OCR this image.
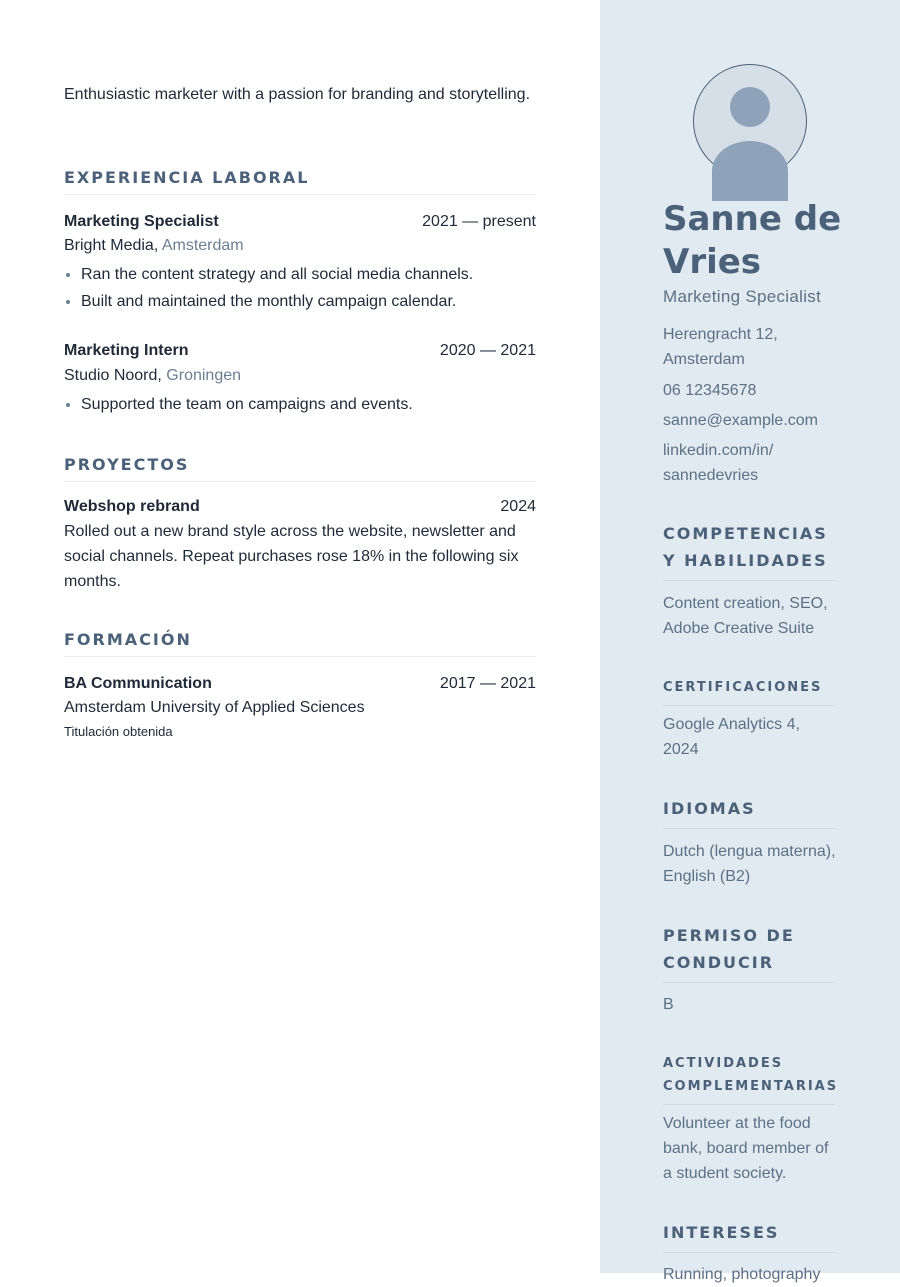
Enthusiastic marketer with a passion for branding and storytelling.
EXPERIENCIA LABORAL
Marketing Specialist	2021 — present
Bright Media, Amsterdam
Ran the content strategy and all social media channels.
Built and maintained the monthly campaign calendar.
Marketing Intern	2020 — 2021
Studio Noord, Groningen
Supported the team on campaigns and events.
PROYECTOS
Webshop rebrand	2024
Rolled out a new brand style across the website, newsletter and social channels. Repeat purchases rose 18% in the following six months.
FORMACIÓN
BA Communication	2017 — 2021
Amsterdam University of Applied Sciences
Titulación obtenida
Sanne de Vries
Marketing Specialist
Herengracht 12, Amsterdam
06 12345678
sanne@example.com
linkedin.com/in/ sannedevries
COMPETENCIAS Y HABILIDADES
Content creation, SEO, Adobe Creative Suite
CERTIFICACIONES
Google Analytics 4, 2024
IDIOMAS
Dutch (lengua materna), English (B2)
PERMISO DE CONDUCIR
B
ACTIVIDADES COMPLEMENTARIAS
Volunteer at the food bank, board member of a student society.
INTERESES
Running, photography
